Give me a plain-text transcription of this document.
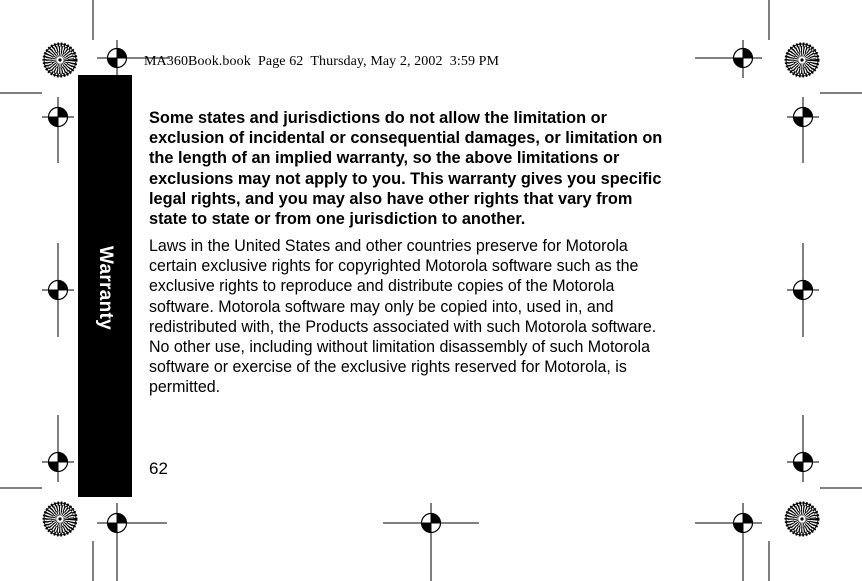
MA360Book.book  Page 62  Thursday, May 2, 2002  3:59 PM
Warranty
Some states and jurisdictions do not allow the limitation or exclusion of incidental or consequential damages, or limitation on the length of an implied warranty, so the above limitations or exclusions may not apply to you. This warranty gives you specific legal rights, and you may also have other rights that vary from state to state or from one jurisdiction to another.
Laws in the United States and other countries preserve for Motorola certain exclusive rights for copyrighted Motorola software such as the exclusive rights to reproduce and distribute copies of the Motorola software. Motorola software may only be copied into, used in, and redistributed with, the Products associated with such Motorola software. No other use, including without limitation disassembly of such Motorola software or exercise of the exclusive rights reserved for Motorola, is permitted.
62
